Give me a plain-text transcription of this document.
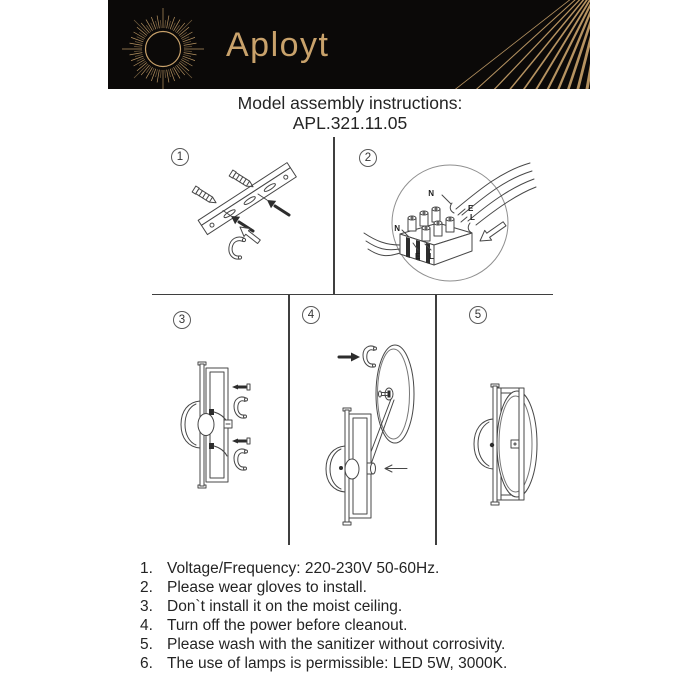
Aployt
Model assembly instructions:
APL.321.11.05
1	2
3	4	5
N
E
L
N
E L
1. Voltage/Frequency: 220-230V 50-60Hz.
2. Please wear gloves to install.
3. Don`t install it on the moist ceiling.
4. Turn off the power before cleanout.
5. Please wash with the sanitizer without corrosivity.
6. The use of lamps is permissible: LED 5W, 3000K.
